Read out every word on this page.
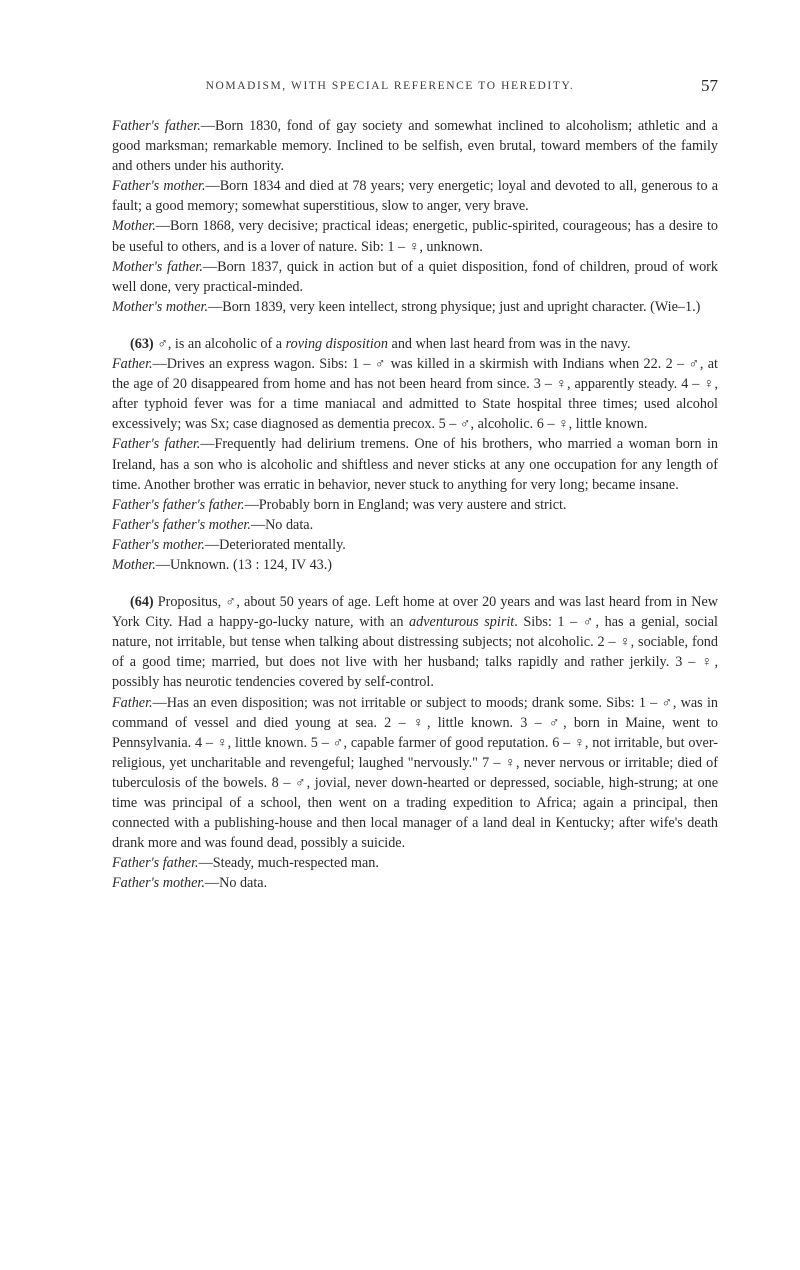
NOMADISM, WITH SPECIAL REFERENCE TO HEREDITY.	57

Father's father.—Born 1830, fond of gay society and somewhat inclined to alcoholism; athletic and a good marksman; remarkable memory. Inclined to be selfish, even brutal, toward members of the family and others under his authority.

Father's mother.—Born 1834 and died at 78 years; very energetic; loyal and devoted to all, generous to a fault; a good memory; somewhat superstitious, slow to anger, very brave.

Mother.—Born 1868, very decisive; practical ideas; energetic, public-spirited, courageous; has a desire to be useful to others, and is a lover of nature. Sib: 1 – ♀, unknown.

Mother's father.—Born 1837, quick in action but of a quiet disposition, fond of children, proud of work well done, very practical-minded.

Mother's mother.—Born 1839, very keen intellect, strong physique; just and upright character. (Wie–1.)

(63) ♂, is an alcoholic of a roving disposition and when last heard from was in the navy.

Father.—Drives an express wagon. Sibs: 1 – ♂ was killed in a skirmish with Indians when 22. 2 – ♂, at the age of 20 disappeared from home and has not been heard from since. 3 – ♀, apparently steady. 4 – ♀, after typhoid fever was for a time maniacal and admitted to State hospital three times; used alcohol excessively; was Sx; case diagnosed as dementia precox. 5 – ♂, alcoholic. 6 – ♀, little known.

Father's father.—Frequently had delirium tremens. One of his brothers, who married a woman born in Ireland, has a son who is alcoholic and shiftless and never sticks at any one occupation for any length of time. Another brother was erratic in behavior, never stuck to anything for very long; became insane.

Father's father's father.—Probably born in England; was very austere and strict.

Father's father's mother.—No data.

Father's mother.—Deteriorated mentally.

Mother.—Unknown. (13 : 124, IV 43.)

(64) Propositus, ♂, about 50 years of age. Left home at over 20 years and was last heard from in New York City. Had a happy-go-lucky nature, with an adventurous spirit. Sibs: 1 – ♂, has a genial, social nature, not irritable, but tense when talking about distressing subjects; not alcoholic. 2 – ♀, sociable, fond of a good time; married, but does not live with her husband; talks rapidly and rather jerkily. 3 – ♀, possibly has neurotic tendencies covered by self-control.

Father.—Has an even disposition; was not irritable or subject to moods; drank some. Sibs: 1 – ♂, was in command of vessel and died young at sea. 2 – ♀, little known. 3 – ♂, born in Maine, went to Pennsylvania. 4 – ♀, little known. 5 – ♂, capable farmer of good reputation. 6 – ♀, not irritable, but over-religious, yet uncharitable and revengeful; laughed "nervously." 7 – ♀, never nervous or irritable; died of tuberculosis of the bowels. 8 – ♂, jovial, never down-hearted or depressed, sociable, high-strung; at one time was principal of a school, then went on a trading expedition to Africa; again a principal, then connected with a publishing-house and then local manager of a land deal in Kentucky; after wife's death drank more and was found dead, possibly a suicide.

Father's father.—Steady, much-respected man.

Father's mother.—No data.
